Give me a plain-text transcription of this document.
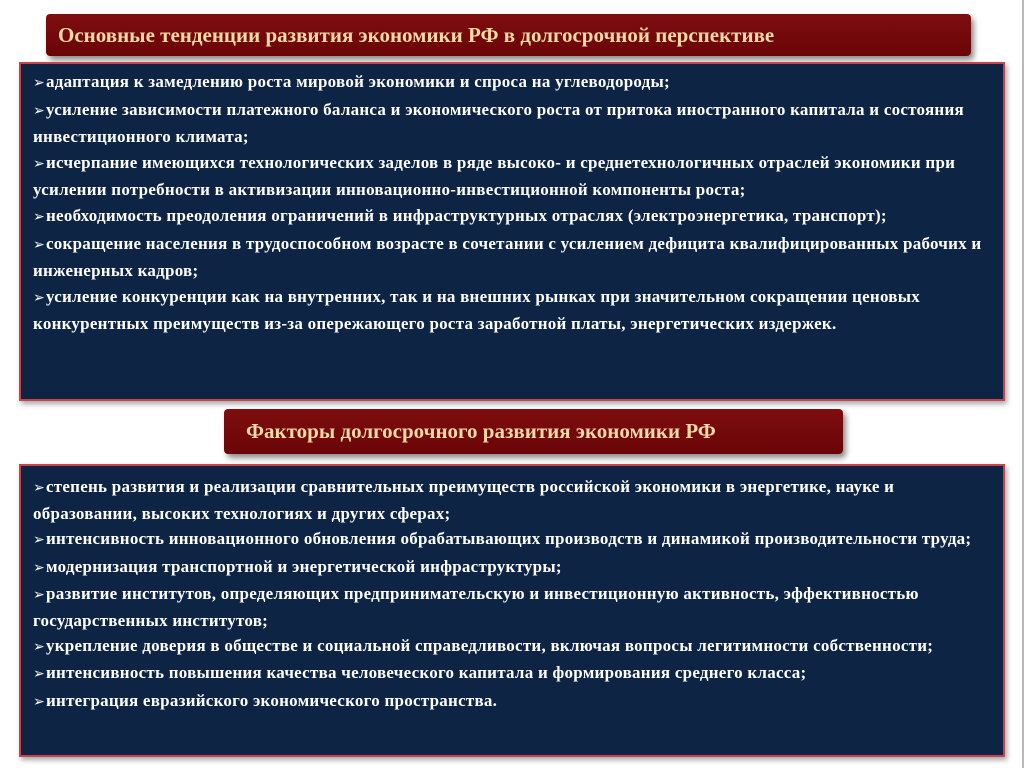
Основные тенденции развития экономики РФ в долгосрочной перспективе
➢адаптация к замедлению роста мировой экономики и спроса на углеводороды;
➢усиление зависимости платежного баланса и экономического роста от притока иностранного капитала и состояния инвестиционного климата;
➢исчерпание имеющихся технологических заделов в ряде высоко- и среднетехнологичных отраслей экономики при усилении потребности в активизации инновационно-инвестиционной компоненты роста;
➢необходимость преодоления ограничений в инфраструктурных отраслях (электроэнергетика, транспорт);
➢сокращение населения в трудоспособном возрасте в сочетании с усилением дефицита квалифицированных рабочих и инженерных кадров;
➢усиление конкуренции как на внутренних, так и на внешних рынках при значительном сокращении ценовых конкурентных преимуществ из-за опережающего роста заработной платы, энергетических издержек.
Факторы долгосрочного развития экономики РФ
➢степень развития и реализации сравнительных преимуществ российской экономики в энергетике, науке и образовании, высоких технологиях и других сферах;
➢интенсивность инновационного обновления обрабатывающих производств и динамикой производительности труда;
➢модернизация транспортной и энергетической инфраструктуры;
➢развитие институтов, определяющих предпринимательскую и инвестиционную активность, эффективностью государственных институтов;
➢укрепление доверия в обществе и социальной справедливости, включая вопросы легитимности собственности;
➢интенсивность повышения качества человеческого капитала и формирования среднего класса;
➢интеграция евразийского экономического пространства.
